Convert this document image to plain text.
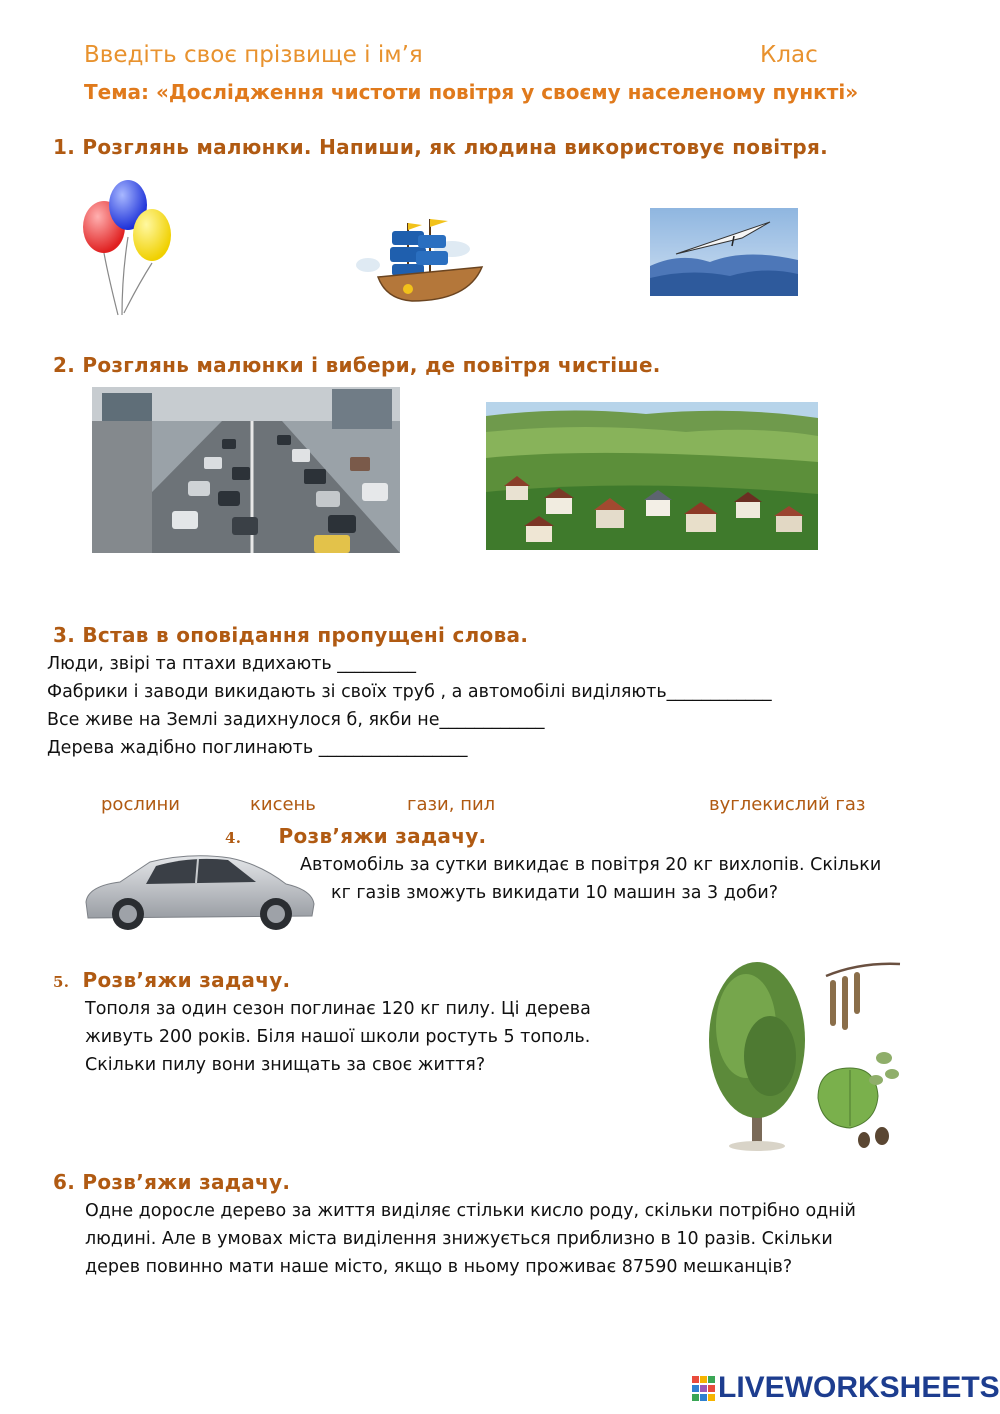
Введіть своє прізвище і ім’я	Клас
Тема: «Дослідження чистоти повітря у своєму населеному пункті»
1. Розглянь малюнки. Напиши, як людина використовує повітря.
2. Розглянь малюнки і вибери, де повітря чистіше.
3. Встав в оповідання пропущені слова.
Люди, звірі та птахи вдихають _________
Фабрики і заводи викидають зі своїх труб , а автомобілі виділяють____________
Все живе на Землі задихнулося б, якби не____________
Дерева жадібно поглинають _________________
рослини	кисень	гази, пил	вуглекислий газ
4. Розв’яжи задачу.
Автомобіль за сутки викидає в повітря 20 кг вихлопів. Скільки
кг газів зможуть викидати 10 машин за 3 доби?
5. Розв’яжи задачу.
Тополя за один сезон поглинає 120 кг пилу. Ці дерева
живуть 200 років. Біля нашої школи ростуть 5 тополь.
Скільки пилу вони знищать за своє життя?
6. Розв’яжи задачу.
Одне доросле дерево за життя виділяє стільки кисло роду, скільки потрібно одній
людині. Але в умовах міста виділення знижується приблизно в 10 разів. Скільки
дерев повинно мати наше місто, якщо в ньому проживає 87590 мешканців?
LIVEWORKSHEETS
